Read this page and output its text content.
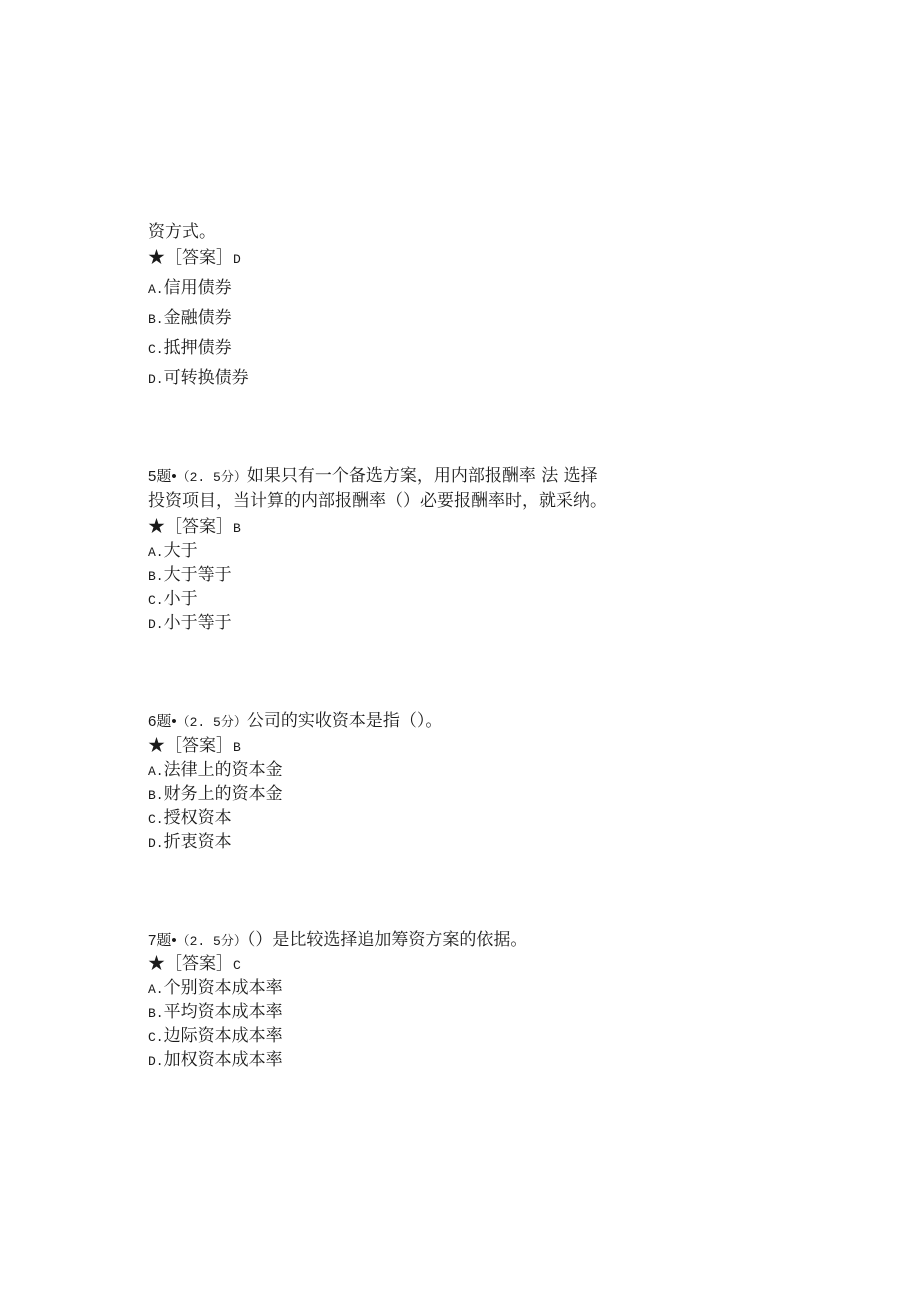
资方式。
★［答案］D
A.信用债券
B.金融债券
C.抵押债券
D.可转换债券
5题•（2. 5分）如果只有一个备选方案，用内部报酬率 法 选择
投资项目，当计算的内部报酬率（）必要报酬率时，就采纳。
★［答案］B
A.大于
B.大于等于
C.小于
D.小于等于
6题•（2. 5分）公司的实收资本是指（）。
★［答案］B
A.法律上的资本金
B.财务上的资本金
C.授权资本
D.折衷资本
7题•（2. 5分）（）是比较选择追加筹资方案的依据。
★［答案］C
A.个别资本成本率
B.平均资本成本率
C.边际资本成本率
D.加权资本成本率
